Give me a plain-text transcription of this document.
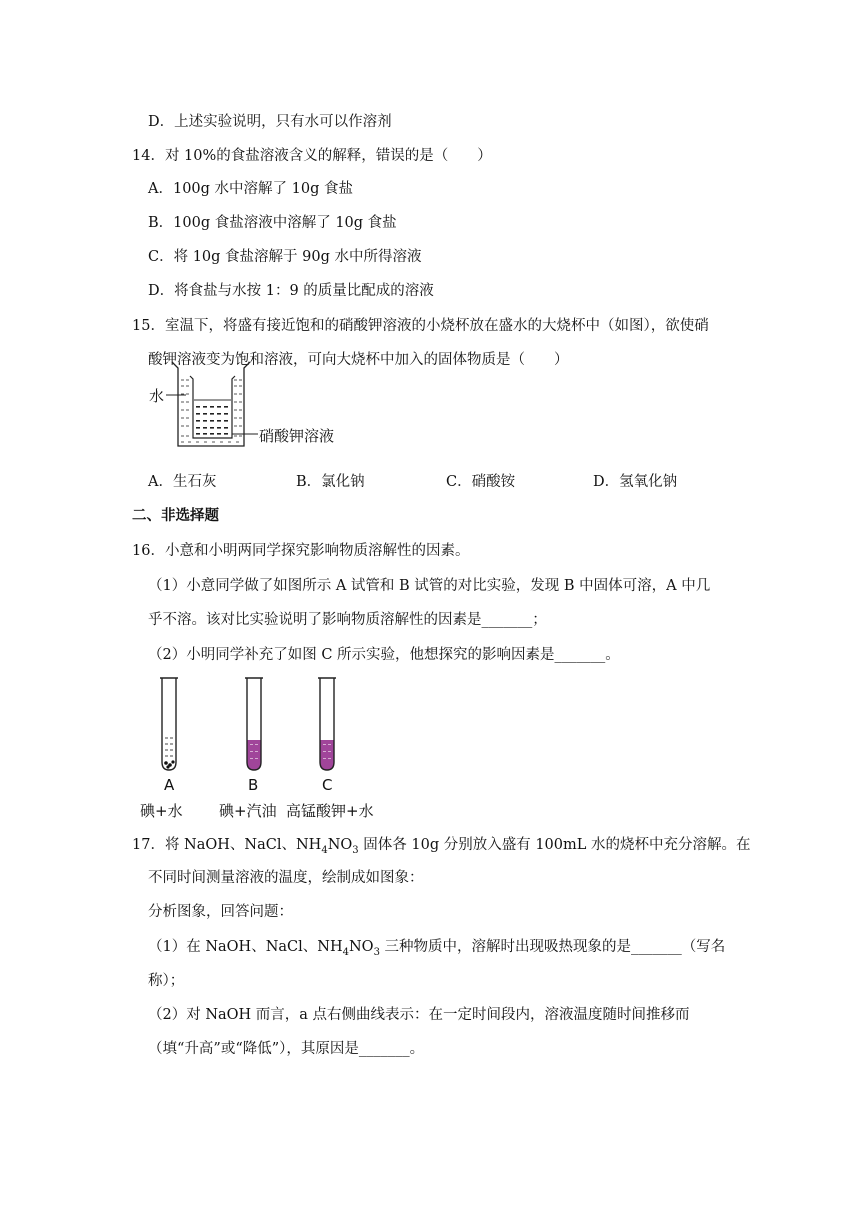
D．上述实验说明，只有水可以作溶剂
14．对 10%的食盐溶液含义的解释，错误的是（　　）
A．100g 水中溶解了 10g 食盐
B．100g 食盐溶液中溶解了 10g 食盐
C．将 10g 食盐溶解于 90g 水中所得溶液
D．将食盐与水按 1：9 的质量比配成的溶液
15．室温下，将盛有接近饱和的硝酸钾溶液的小烧杯放在盛水的大烧杯中（如图），欲使硝
酸钾溶液变为饱和溶液，可向大烧杯中加入的固体物质是（　　）
水
硝酸钾溶液
A．生石灰	B．氯化钠	C．硝酸铵	D．氢氧化钠
二、非选择题
16．小意和小明两同学探究影响物质溶解性的因素。
（1）小意同学做了如图所示 A 试管和 B 试管的对比实验，发现 B 中固体可溶，A 中几
乎不溶。该对比实验说明了影响物质溶解性的因素是_______；
（2）小明同学补充了如图 C 所示实验，他想探究的影响因素是_______。
A	B	C
碘+水 碘+汽油 高锰酸钾+水
17．将 NaOH、NaCl、$NH_4NO_3$ 固体各 10g 分别放入盛有 100mL 水的烧杯中充分溶解。在
不同时间测量溶液的温度，绘制成如图象：
分析图象，回答问题：
（1）在 NaOH、NaCl、$NH_4NO_3$ 三种物质中，溶解时出现吸热现象的是_______（写名
称）；
（2）对 NaOH 而言，a 点右侧曲线表示：在一定时间段内，溶液温度随时间推移而
（填“升高”或“降低”），其原因是_______。
